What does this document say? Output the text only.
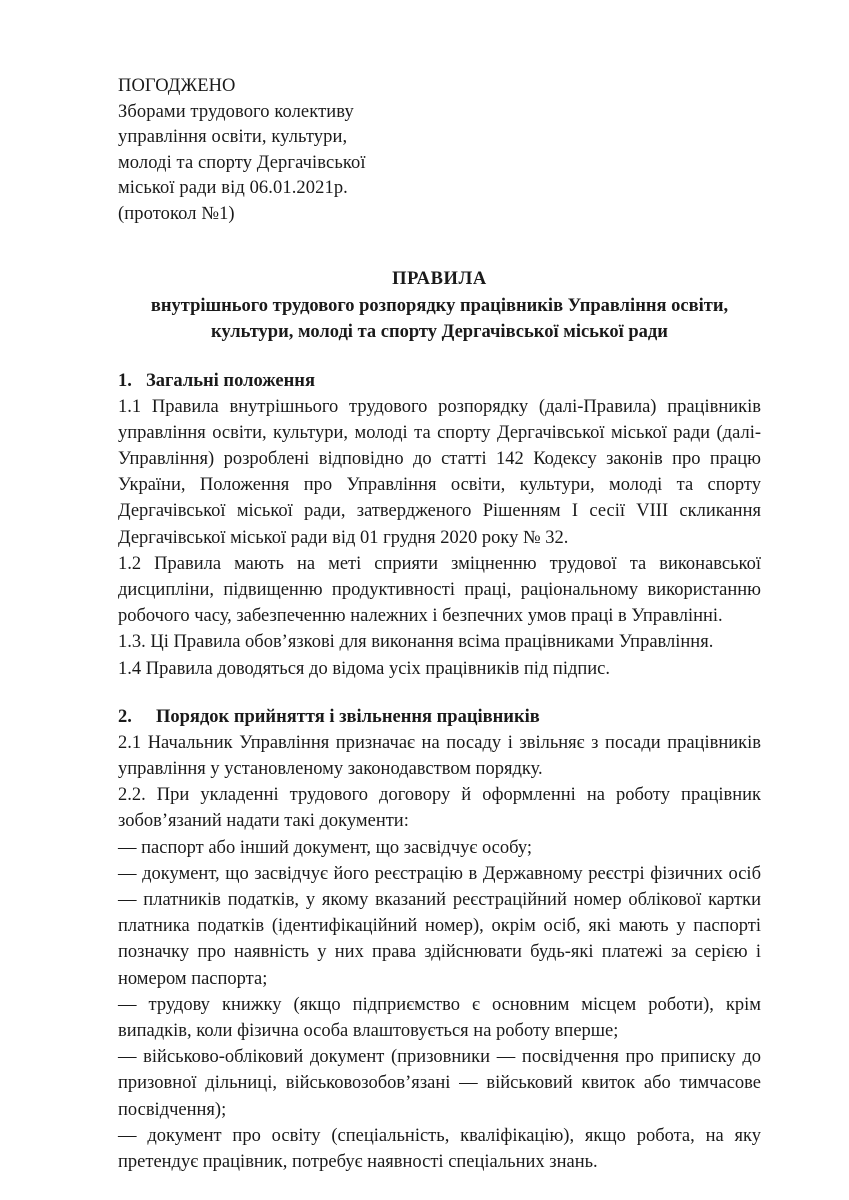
ПОГОДЖЕНО
Зборами трудового колективу
управління освіти, культури,
молоді та спорту Дергачівської
міської ради від 06.01.2021р.
(протокол №1)
ПРАВИЛА
внутрішнього трудового розпорядку працівників Управління освіти,
культури, молоді та спорту Дергачівської міської ради
1. Загальні положення

1.1 Правила внутрішнього трудового розпорядку (далі-Правила) працівників управління освіти, культури, молоді та спорту Дергачівської міської ради (далі-Управління) розроблені відповідно до статті 142 Кодексу законів про працю України, Положення про Управління освіти, культури, молоді та спорту Дергачівської міської ради, затвердженого Рішенням І сесії VIII скликання Дергачівської міської ради від 01 грудня 2020 року № 32.

1.2 Правила мають на меті сприяти зміцненню трудової та виконавської дисципліни, підвищенню продуктивності праці, раціональному використанню робочого часу, забезпеченню належних і безпечних умов праці в Управлінні.

1.3. Ці Правила обов’язкові для виконання всіма працівниками Управління.

1.4 Правила доводяться до відома усіх працівників під підпис.

2.	Порядок прийняття і звільнення працівників

2.1 Начальник Управління призначає на посаду і звільняє з посади працівників управління у установленому законодавством порядку.

2.2. При укладенні трудового договору й оформленні на роботу працівник зобов’язаний надати такі документи:

— паспорт або інший документ, що засвідчує особу;

— документ, що засвідчує його реєстрацію в Державному реєстрі фізичних осіб — платників податків, у якому вказаний реєстраційний номер облікової картки платника податків (ідентифікаційний номер), окрім осіб, які мають у паспорті позначку про наявність у них права здійснювати будь-які платежі за серією і номером паспорта;

— трудову книжку (якщо підприємство є основним місцем роботи), крім випадків, коли фізична особа влаштовується на роботу вперше;

— військово-обліковий документ (призовники — посвідчення про приписку до призовної дільниці, військовозобов’язані — військовий квиток або тимчасове посвідчення);

— документ про освіту (спеціальність, кваліфікацію), якщо робота, на яку претендує працівник, потребує наявності спеціальних знань.
